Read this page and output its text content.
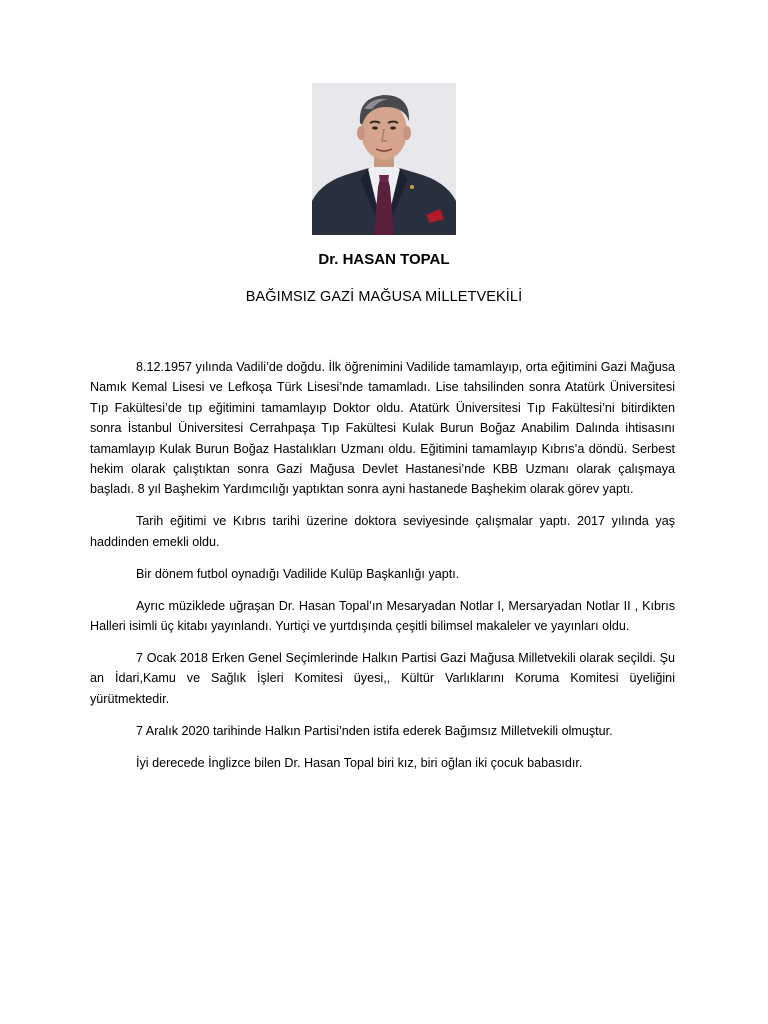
Dr. HASAN TOPAL
BAĞIMSIZ GAZİ MAĞUSA MİLLETVEKİLİ

8.12.1957 yılında Vadili’de doğdu. İlk öğrenimini Vadilide tamamlayıp, orta eğitimini Gazi Mağusa Namık Kemal Lisesi ve Lefkoşa Türk Lisesi’nde tamamladı. Lise tahsilinden sonra Atatürk Üniversitesi Tıp Fakültesi’de tıp eğitimini tamamlayıp Doktor oldu. Atatürk Üniversitesi Tıp Fakültesi’ni bitirdikten sonra İstanbul Üniversitesi Cerrahpaşa Tıp Fakültesi Kulak Burun Boğaz Anabilim Dalında ihtisasını tamamlayıp Kulak Burun Boğaz Hastalıkları Uzmanı oldu. Eğitimini tamamlayıp Kıbrıs’a döndü. Serbest hekim olarak çalıştıktan sonra Gazi Mağusa Devlet Hastanesi’nde KBB Uzmanı olarak çalışmaya başladı. 8 yıl Başhekim Yardımcılığı yaptıktan sonra ayni hastanede Başhekim olarak görev yaptı.

Tarih eğitimi ve Kıbrıs tarihi üzerine doktora seviyesinde çalışmalar yaptı. 2017 yılında yaş haddinden emekli oldu.

Bir dönem futbol oynadığı Vadilide Kulüp Başkanlığı yaptı.

Ayrıc müziklede uğraşan Dr. Hasan Topal’ın Mesaryadan Notlar I, Mersaryadan Notlar II , Kıbrıs Halleri isimli üç kitabı yayınlandı. Yurtiçi ve yurtdışında çeşitli bilimsel makaleler ve yayınları oldu.

7 Ocak 2018 Erken Genel Seçimlerinde Halkın Partisi Gazi Mağusa Milletvekili olarak seçildi. Şu an İdari,Kamu ve Sağlık İşleri Komitesi üyesi,, Kültür Varlıklarını Koruma Komitesi üyeliğini yürütmektedir.

7 Aralık 2020 tarihinde Halkın Partisi’nden istifa ederek Bağımsız Milletvekili olmuştur.

İyi derecede İnglizce bilen Dr. Hasan Topal biri kız, biri oğlan iki çocuk babasıdır.
